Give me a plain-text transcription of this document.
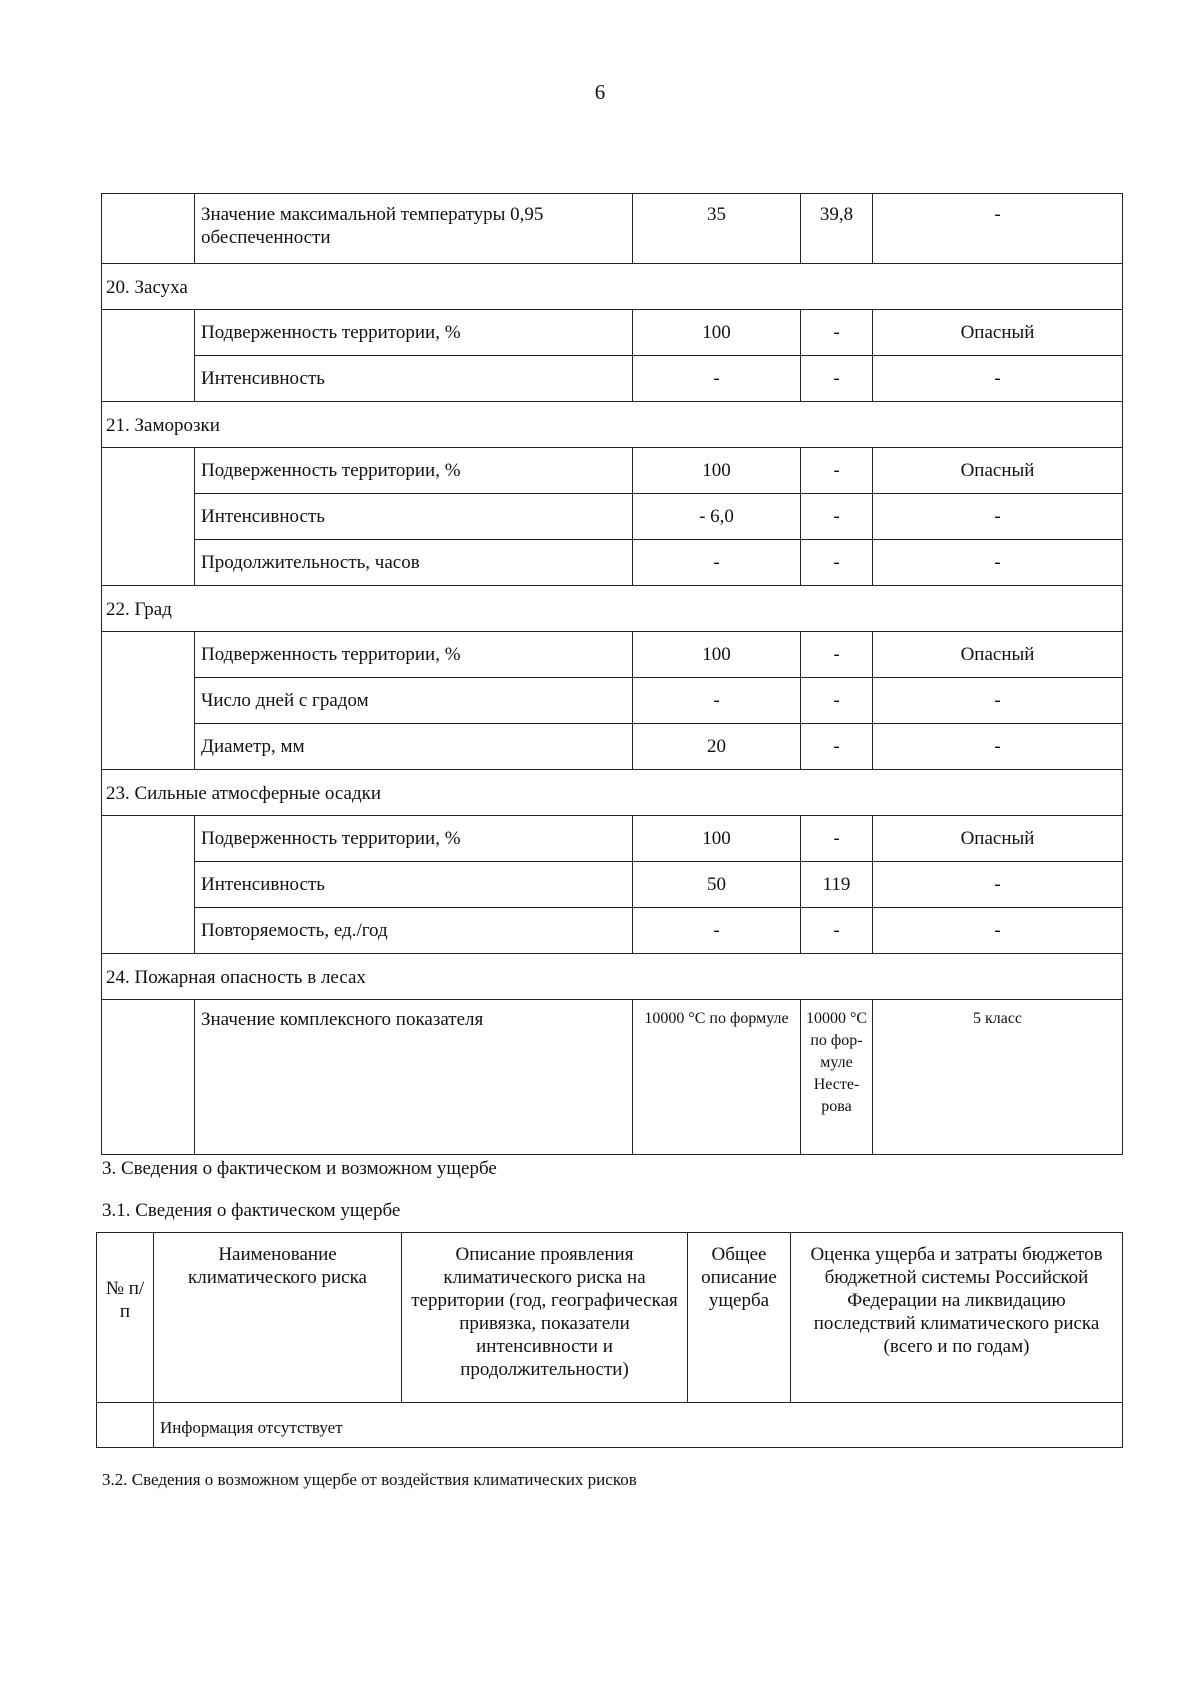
6
	Значение максимальной температуры 0,95 обеспеченности	35	39,8	-
20. Засуха				
	Подверженность территории, %	100	-	Опасный
	Интенсивность	-	-	-
21. Заморозки				
	Подверженность территории, %	100	-	Опасный
	Интенсивность	- 6,0	-	-
	Продолжительность, часов	-	-	-
22. Град				
	Подверженность территории, %	100	-	Опасный
	Число дней с градом	-	-	-
	Диаметр, мм	20	-	-
23. Сильные атмосферные осадки				
	Подверженность территории, %	100	-	Опасный
	Интенсивность	50	119	-
	Повторяемость, ед./год	-	-	-
24. Пожарная опасность в лесах				
	Значение комплексного показателя	10000 °С по формуле	10000 °С по фор-муле Несте-рова	5 класс
3. Сведения о фактическом и возможном ущербе
3.1. Сведения о фактическом ущербе
№ п/п	Наименование климатического риска	Описание проявления климатического риска на территории (год, географическая привязка, показатели интенсивности и продолжительности)	Общее описание ущерба	Оценка ущерба и затраты бюджетов бюджетной системы Российской Федерации на ликвидацию последствий климатического риска (всего и по годам)
	Информация отсутствует			
3.2. Сведения о возможном ущербе от воздействия климатических рисков
